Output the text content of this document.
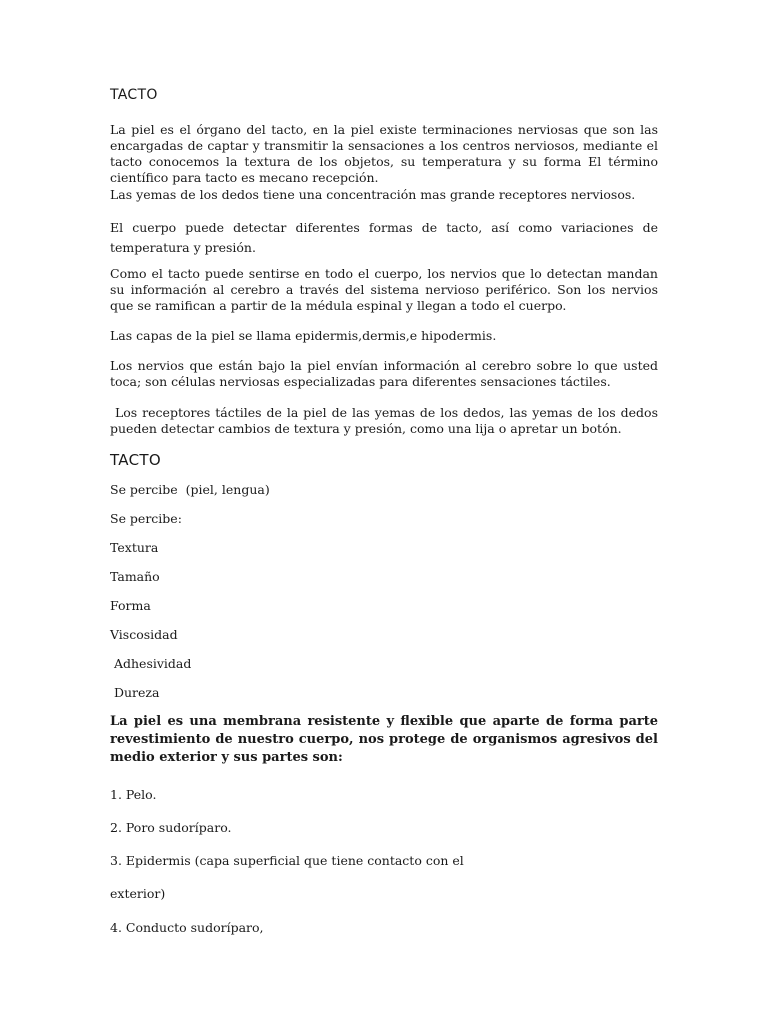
TACTO
La piel es el órgano del tacto, en la piel existe terminaciones nerviosas que son las encargadas de captar y transmitir la sensaciones a los centros nerviosos, mediante el tacto conocemos la textura de los objetos, su temperatura y su forma El término científico para tacto es mecano recepción.
Las yemas de los dedos tiene una concentración mas grande receptores nerviosos.
El cuerpo puede detectar diferentes formas de tacto, así como variaciones de temperatura y presión.
Como el tacto puede sentirse en todo el cuerpo, los nervios que lo detectan mandan su información al cerebro a través del sistema nervioso periférico. Son los nervios que se ramifican a partir de la médula espinal y llegan a todo el cuerpo.
Las capas de la piel se llama epidermis,dermis,e hipodermis.
Los nervios que están bajo la piel envían información al cerebro sobre lo que usted toca; son células nerviosas especializadas para diferentes sensaciones táctiles.
Los receptores táctiles de la piel de las yemas de los dedos, las yemas de los dedos pueden detectar cambios de textura y presión, como una lija o apretar un botón.
TACTO
Se percibe  (piel, lengua)
Se percibe:
Textura
Tamaño
Forma
Viscosidad
Adhesividad
Dureza
La piel es una membrana resistente y flexible que aparte de forma parte revestimiento de nuestro cuerpo, nos protege de organismos agresivos del medio exterior y sus partes son:
1. Pelo.
2. Poro sudoríparo.
3. Epidermis (capa superficial que tiene contacto con el
exterior)
4. Conducto sudoríparo,
